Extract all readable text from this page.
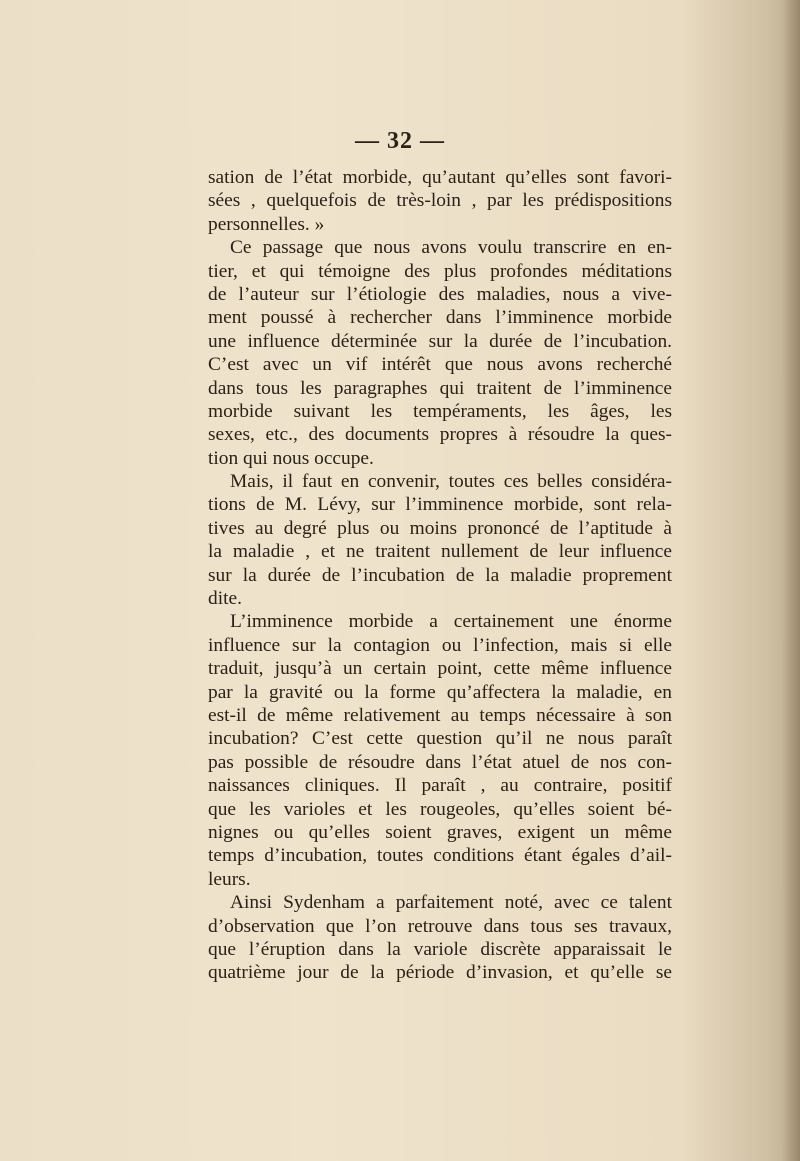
— 32 —
sation de l’état morbide, qu’autant qu’elles sont favori-
sées , quelquefois de très-loin , par les prédispositions
personnelles. »
Ce passage que nous avons voulu transcrire en en-
tier, et qui témoigne des plus profondes méditations
de l’auteur sur l’étiologie des maladies, nous a vive-
ment poussé à rechercher dans l’imminence morbide
une influence déterminée sur la durée de l’incubation.
C’est avec un vif intérêt que nous avons recherché
dans tous les paragraphes qui traitent de l’imminence
morbide suivant les tempéraments, les âges, les
sexes, etc., des documents propres à résoudre la ques-
tion qui nous occupe.
Mais, il faut en convenir, toutes ces belles considéra-
tions de M. Lévy, sur l’imminence morbide, sont rela-
tives au degré plus ou moins prononcé de l’aptitude à
la maladie , et ne traitent nullement de leur influence
sur la durée de l’incubation de la maladie proprement
dite.
L’imminence morbide a certainement une énorme
influence sur la contagion ou l’infection, mais si elle
traduit, jusqu’à un certain point, cette même influence
par la gravité ou la forme qu’affectera la maladie, en
est-il de même relativement au temps nécessaire à son
incubation? C’est cette question qu’il ne nous paraît
pas possible de résoudre dans l’état atuel de nos con-
naissances cliniques. Il paraît , au contraire, positif
que les varioles et les rougeoles, qu’elles soient bé-
nignes ou qu’elles soient graves, exigent un même
temps d’incubation, toutes conditions étant égales d’ail-
leurs.
Ainsi Sydenham a parfaitement noté, avec ce talent
d’observation que l’on retrouve dans tous ses travaux,
que l’éruption dans la variole discrète apparaissait le
quatrième jour de la période d’invasion, et qu’elle se
